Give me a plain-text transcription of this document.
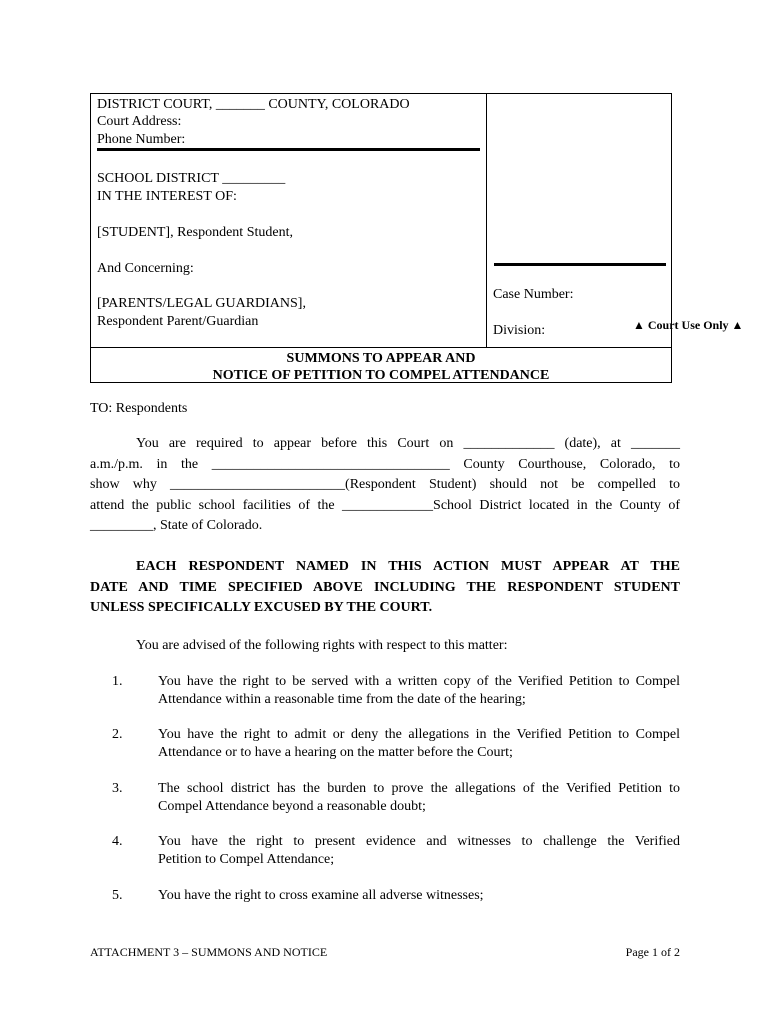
DISTRICT COURT, _______ COUNTY, COLORADO
Court Address:
Phone Number:
SCHOOL DISTRICT _________
IN THE INTEREST OF:
[STUDENT], Respondent Student,
And Concerning:
[PARENTS/LEGAL GUARDIANS],
Respondent Parent/Guardian
Case Number:
Division:
SUMMONS TO APPEAR AND
NOTICE OF PETITION TO COMPEL ATTENDANCE
▲ Court Use Only ▲
TO: Respondents
You are required to appear before this Court on _____________ (date), at _______
a.m./p.m. in the __________________________________ County Courthouse, Colorado, to
show why _________________________(Respondent Student) should not be compelled to
attend the public school facilities of the _____________School District located in the County of
_________, State of Colorado.
EACH RESPONDENT NAMED IN THIS ACTION MUST APPEAR AT THE
DATE AND TIME SPECIFIED ABOVE INCLUDING THE RESPONDENT STUDENT
UNLESS SPECIFICALLY EXCUSED BY THE COURT.
You are advised of the following rights with respect to this matter:
1.	You have the right to be served with a written copy of the Verified Petition to Compel
Attendance within a reasonable time from the date of the hearing;
2.	You have the right to admit or deny the allegations in the Verified Petition to Compel
Attendance or to have a hearing on the matter before the Court;
3.	The school district has the burden to prove the allegations of the Verified Petition to
Compel Attendance beyond a reasonable doubt;
4.	You have the right to present evidence and witnesses to challenge the Verified
Petition to Compel Attendance;
5.	You have the right to cross examine all adverse witnesses;
ATTACHMENT 3 – SUMMONS AND NOTICE	Page 1 of 2
